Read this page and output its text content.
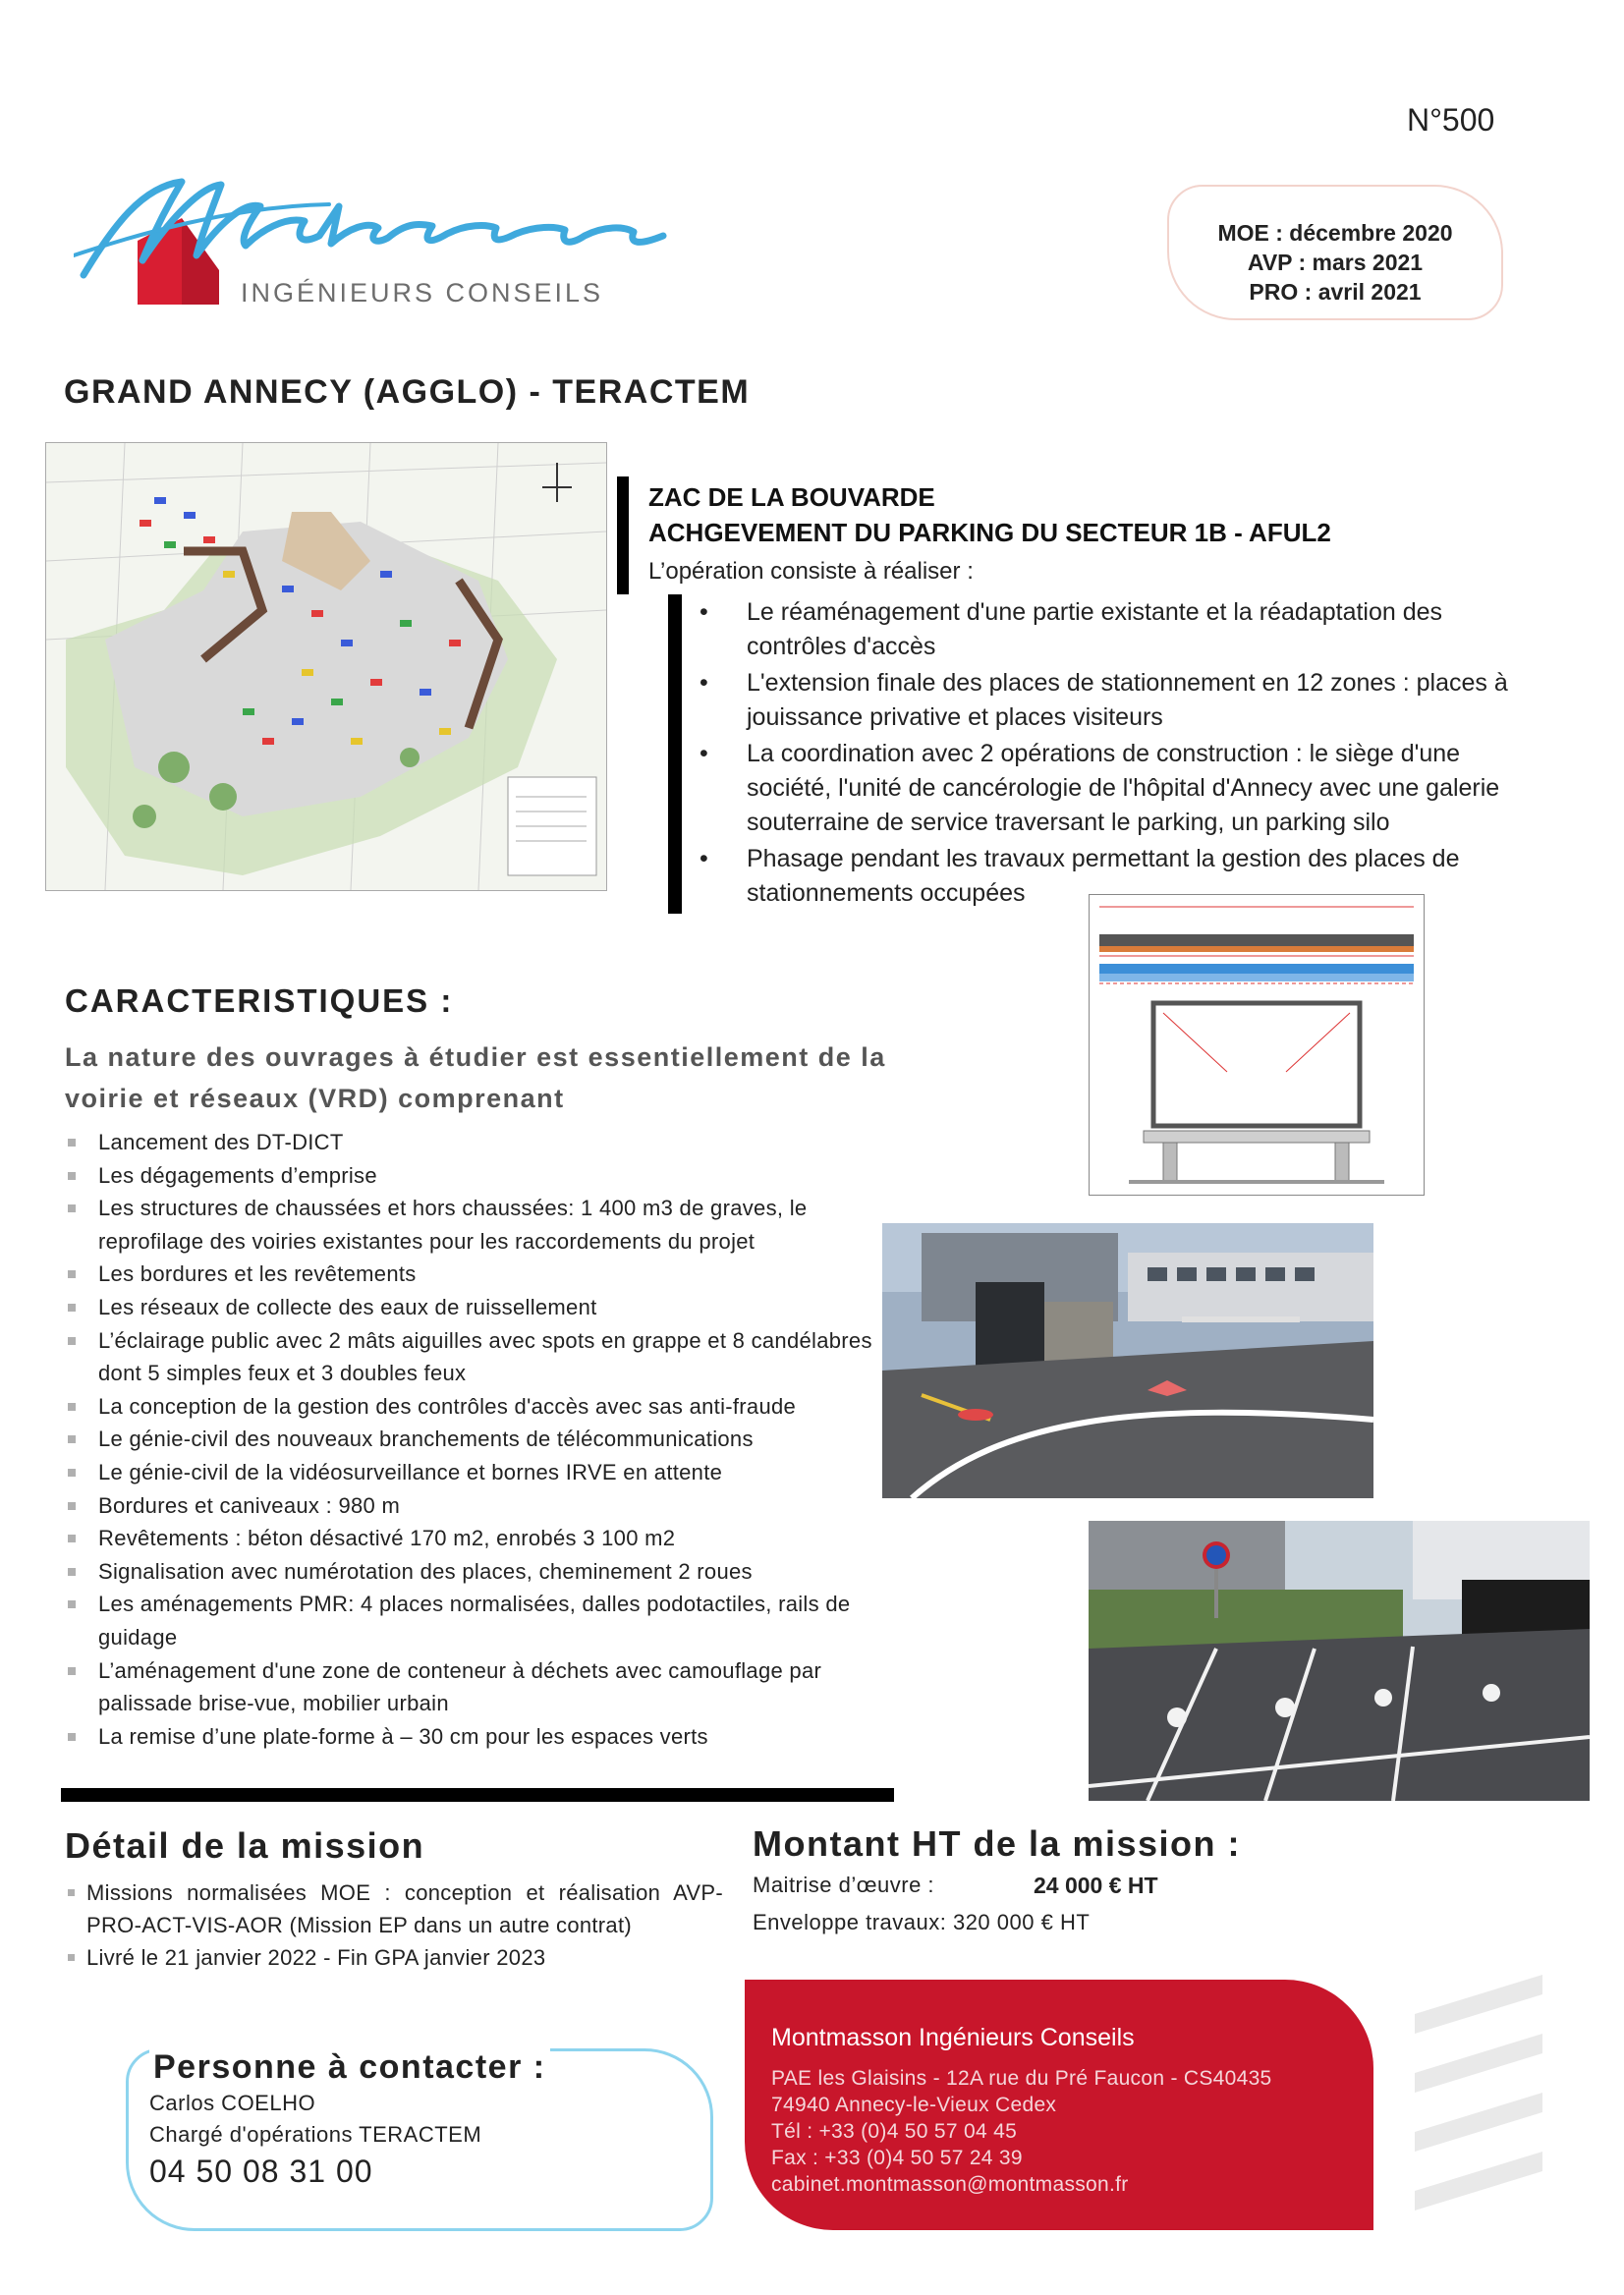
N°500
INGÉNIEURS CONSEILS
MOE : décembre 2020
AVP : mars 2021
PRO : avril 2021
GRAND ANNECY (AGGLO) - TERACTEM
ZAC DE LA BOUVARDE
ACHGEVEMENT DU PARKING DU SECTEUR 1B - AFUL2
L’opération consiste à réaliser :
• Le réaménagement d'une partie existante et la réadaptation des contrôles d'accès
• L'extension finale des places de stationnement en 12 zones : places à jouissance privative et places visiteurs
• La coordination avec 2 opérations de construction : le siège d'une société, l'unité de cancérologie de l'hôpital d'Annecy avec une galerie souterraine de service traversant le parking, un parking silo
• Phasage pendant les travaux permettant la gestion des places de stationnements occupées
CARACTERISTIQUES :
La nature des ouvrages à étudier est essentiellement de la voirie et réseaux (VRD) comprenant
Lancement des DT-DICT
Les dégagements d’emprise
Les structures de chaussées et hors chaussées: 1 400 m3 de graves, le reprofilage des voiries existantes pour les raccordements du projet
Les bordures et les revêtements
Les réseaux de collecte des eaux de ruissellement
L’éclairage public avec 2 mâts aiguilles avec spots en grappe et 8 candélabres dont 5 simples feux et 3 doubles feux
La conception de la gestion des contrôles d'accès avec sas anti-fraude
Le génie-civil des nouveaux branchements de télécommunications
Le génie-civil de la vidéosurveillance et bornes IRVE en attente
Bordures et caniveaux : 980 m
Revêtements : béton désactivé 170 m2, enrobés 3 100 m2
Signalisation avec numérotation des places, cheminement 2 roues
Les aménagements PMR: 4 places normalisées, dalles podotactiles, rails de guidage
L’aménagement d'une zone de conteneur à déchets avec camouflage par palissade brise-vue, mobilier urbain
La remise d’une plate-forme à – 30 cm pour les espaces verts
Détail de la mission
Missions normalisées MOE : conception et réalisation AVP-PRO-ACT-VIS-AOR (Mission EP dans un autre contrat)
Livré le 21 janvier 2022 - Fin GPA janvier 2023
Montant HT de la mission :
Maitrise d’œuvre :	24 000 € HT
Enveloppe travaux: 320 000 € HT
Personne à contacter :
Carlos COELHO
Chargé d'opérations TERACTEM
04 50 08 31 00
Montmasson Ingénieurs Conseils
PAE les Glaisins - 12A rue du Pré Faucon - CS40435
74940 Annecy-le-Vieux Cedex
Tél : +33 (0)4 50 57 04 45
Fax : +33 (0)4 50 57 24 39
cabinet.montmasson@montmasson.fr
